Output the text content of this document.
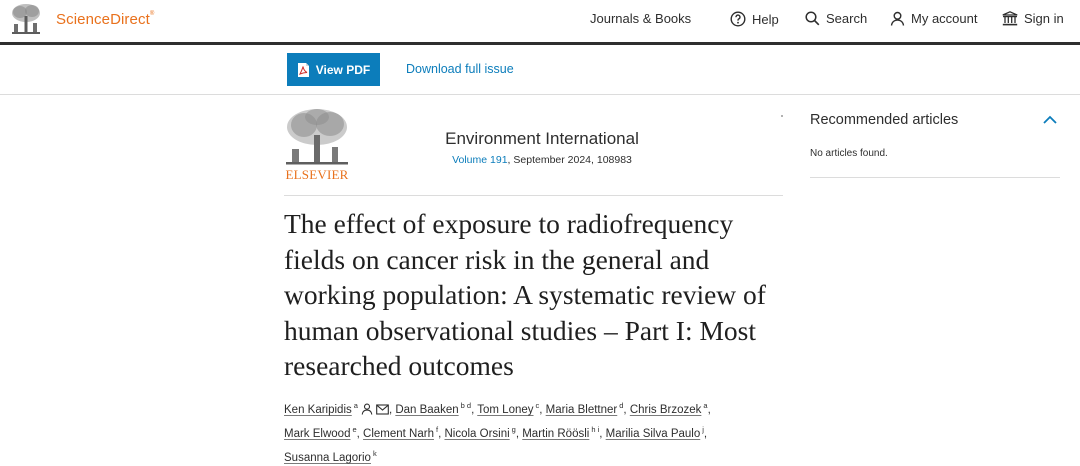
ScienceDirect®	Journals & Books	Help	Search	My account	Sign in
View PDF	Download full issue
ELSEVIER
Environment International
Volume 191, September 2024, 108983
The effect of exposure to radiofrequency fields on cancer risk in the general and working population: A systematic review of human observational studies – Part I: Most researched outcomes
Ken Karipidis $^a$	, Dan Baaken $^{b d}$, Tom Loney $^c$, Maria Blettner $^d$, Chris Brzozek $^a$,
Mark Elwood $^e$, Clement Narh $^f$, Nicola Orsini $^g$, Martin Röösli $^{h i}$, Marilia Silva Paulo $^j$,
Susanna Lagorio $^k$
Recommended articles
No articles found.
